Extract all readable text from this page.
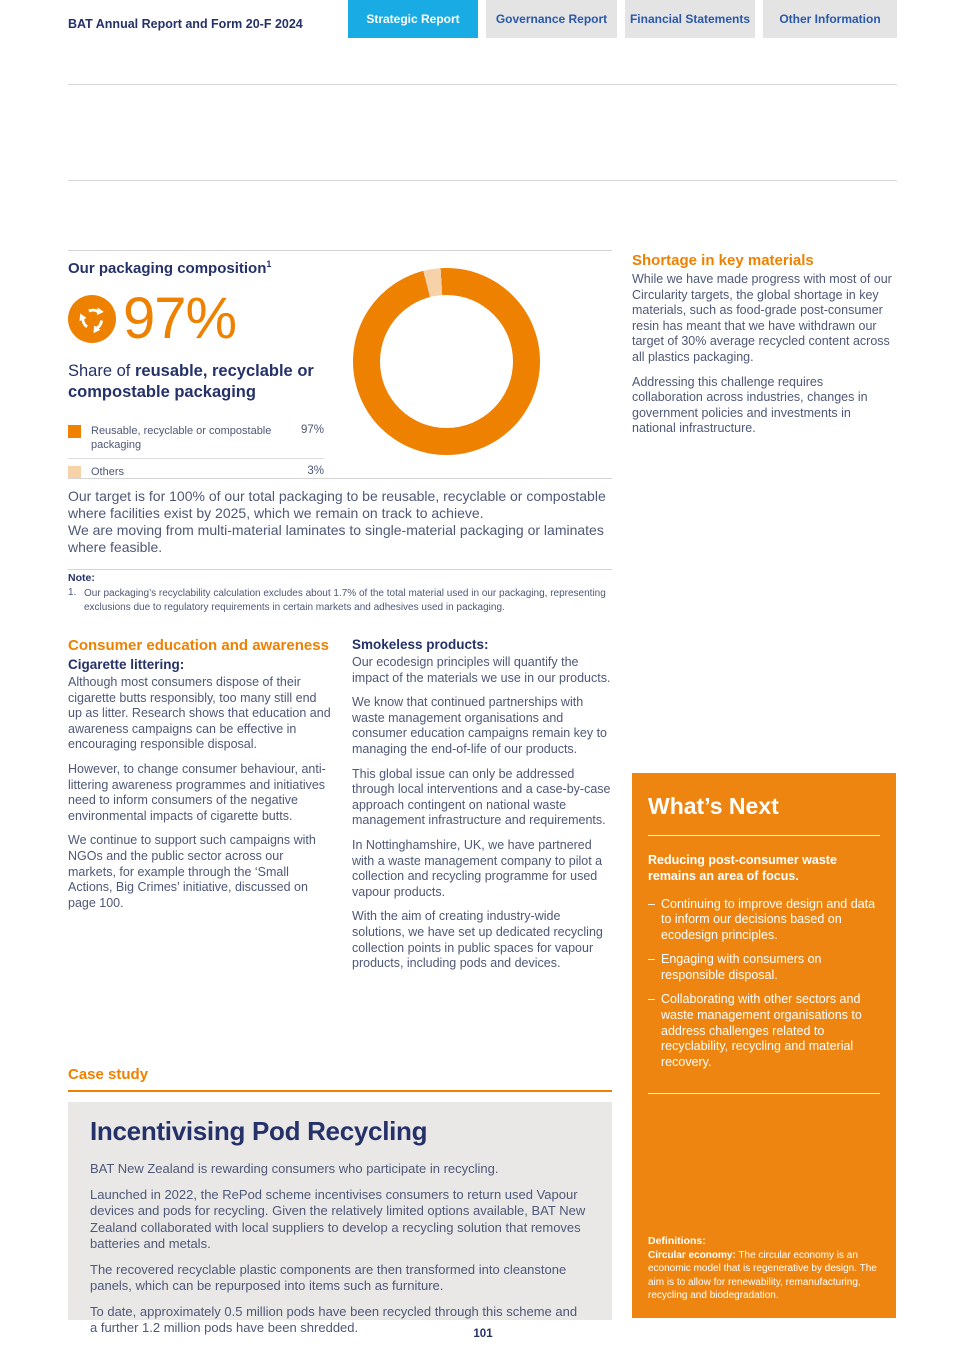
BAT Annual Report and Form 20-F 2024	Strategic Report	Governance Report	Financial Statements	Other Information
Our packaging composition$^1$
97%
Share of reusable, recyclable or compostable packaging
Reusable, recyclable or compostable packaging
97%
Others	3%

Our target is for 100% of our total packaging to be reusable, recyclable or compostable where facilities exist by 2025, which we remain on track to achieve.

We are moving from multi-material laminates to single-material packaging or laminates where feasible.

Note:
1. Our packaging’s recyclability calculation excludes about 1.7% of the total material used in our packaging, representing exclusions due to regulatory requirements in certain markets and adhesives used in packaging.
Shortage in key materials

While we have made progress with most of our Circularity targets, the global shortage in key materials, such as food-grade post-consumer resin has meant that we have withdrawn our target of 30% average recycled content across all plastics packaging.

Addressing this challenge requires collaboration across industries, changes in government policies and investments in national infrastructure.

Consumer education and awareness
Cigarette littering:

Although most consumers dispose of their cigarette butts responsibly, too many still end up as litter. Research shows that education and awareness campaigns can be effective in encouraging responsible disposal.

However, to change consumer behaviour, anti-littering awareness programmes and initiatives need to inform consumers of the negative environmental impacts of cigarette butts.

We continue to support such campaigns with NGOs and the public sector across our markets, for example through the ‘Small Actions, Big Crimes’ initiative, discussed on page 100.

Smokeless products:

Our ecodesign principles will quantify the impact of the materials we use in our products.

We know that continued partnerships with waste management organisations and consumer education campaigns remain key to managing the end-of-life of our products.

This global issue can only be addressed through local interventions and a case-by-case approach contingent on national waste management infrastructure and requirements.

In Nottinghamshire, UK, we have partnered with a waste management company to pilot a collection and recycling programme for used vapour products.

With the aim of creating industry-wide solutions, we have set up dedicated recycling collection points in public spaces for vapour products, including pods and devices.

What’s Next
Reducing post-consumer waste remains an area of focus.
– Continuing to improve design and data to inform our decisions based on ecodesign principles.
– Engaging with consumers on responsible disposal.
– Collaborating with other sectors and waste management organisations to address challenges related to recyclability, recycling and material recovery.
Definitions:
Circular economy: The circular economy is an economic model that is regenerative by design. The aim is to allow for renewability, remanufacturing, recycling and biodegradation.
Case study
Incentivising Pod Recycling

BAT New Zealand is rewarding consumers who participate in recycling.

Launched in 2022, the RePod scheme incentivises consumers to return used Vapour devices and pods for recycling. Given the relatively limited options available, BAT New Zealand collaborated with local suppliers to develop a recycling solution that removes batteries and metals.

The recovered recyclable plastic components are then transformed into cleanstone panels, which can be repurposed into items such as furniture.

To date, approximately 0.5 million pods have been recycled through this scheme and a further 1.2 million pods have been shredded.	101
